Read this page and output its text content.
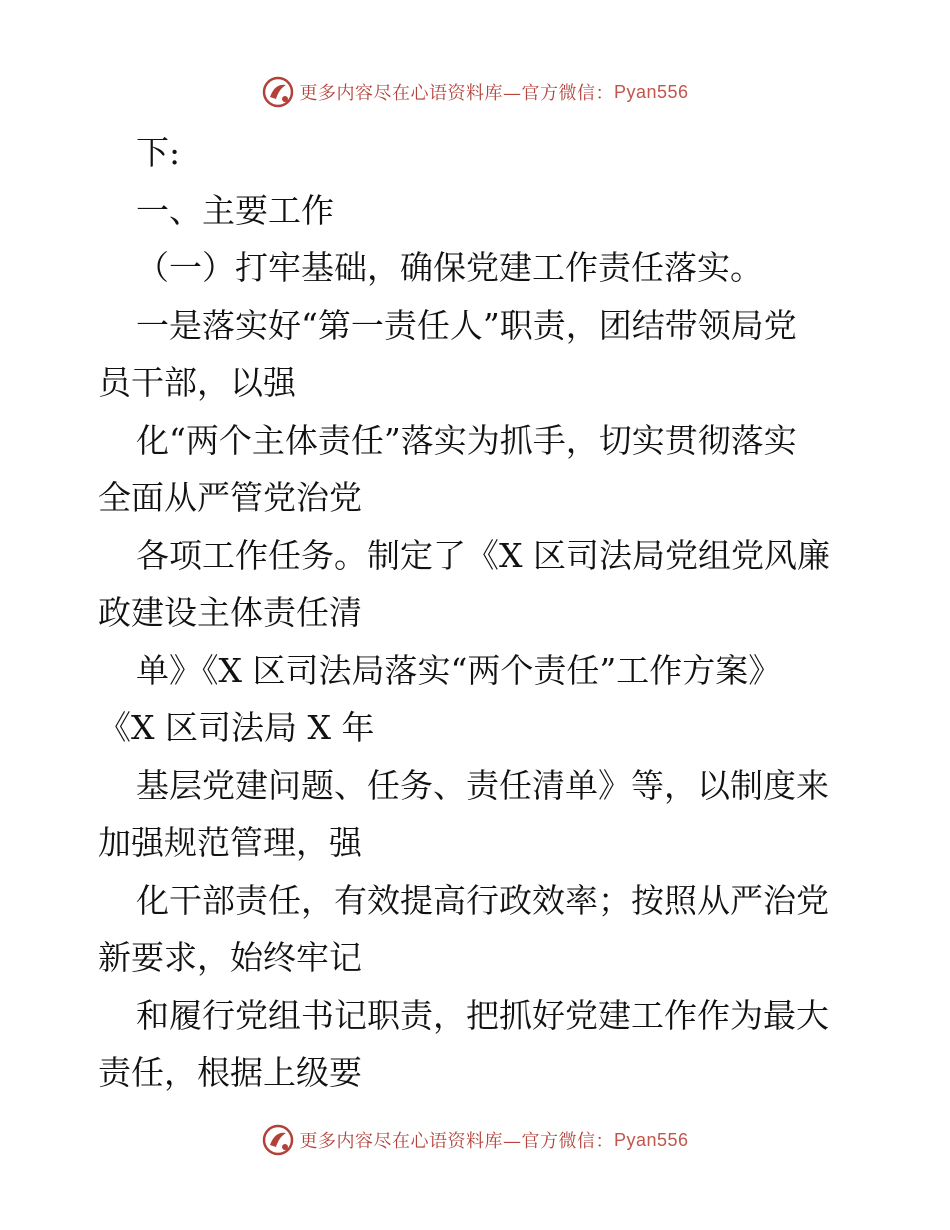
更多内容尽在心语资料库—官方微信： Pyan556
下:
一、主要工作
（一）打牢基础，确保党建工作责任落实。
一是落实好“第一责任人”职责，团结带领局党
员干部，以强
化“两个主体责任”落实为抓手，切实贯彻落实
全面从严管党治党
各项工作任务。制定了《X 区司法局党组党风廉
政建设主体责任清
单》《X 区司法局落实“两个责任”工作方案》
《X 区司法局 X 年
基层党建问题、任务、责任清单》等，以制度来
加强规范管理，强
化干部责任，有效提高行政效率；按照从严治党
新要求，始终牢记
和履行党组书记职责，把抓好党建工作作为最大
责任，根据上级要
更多内容尽在心语资料库—官方微信： Pyan556
